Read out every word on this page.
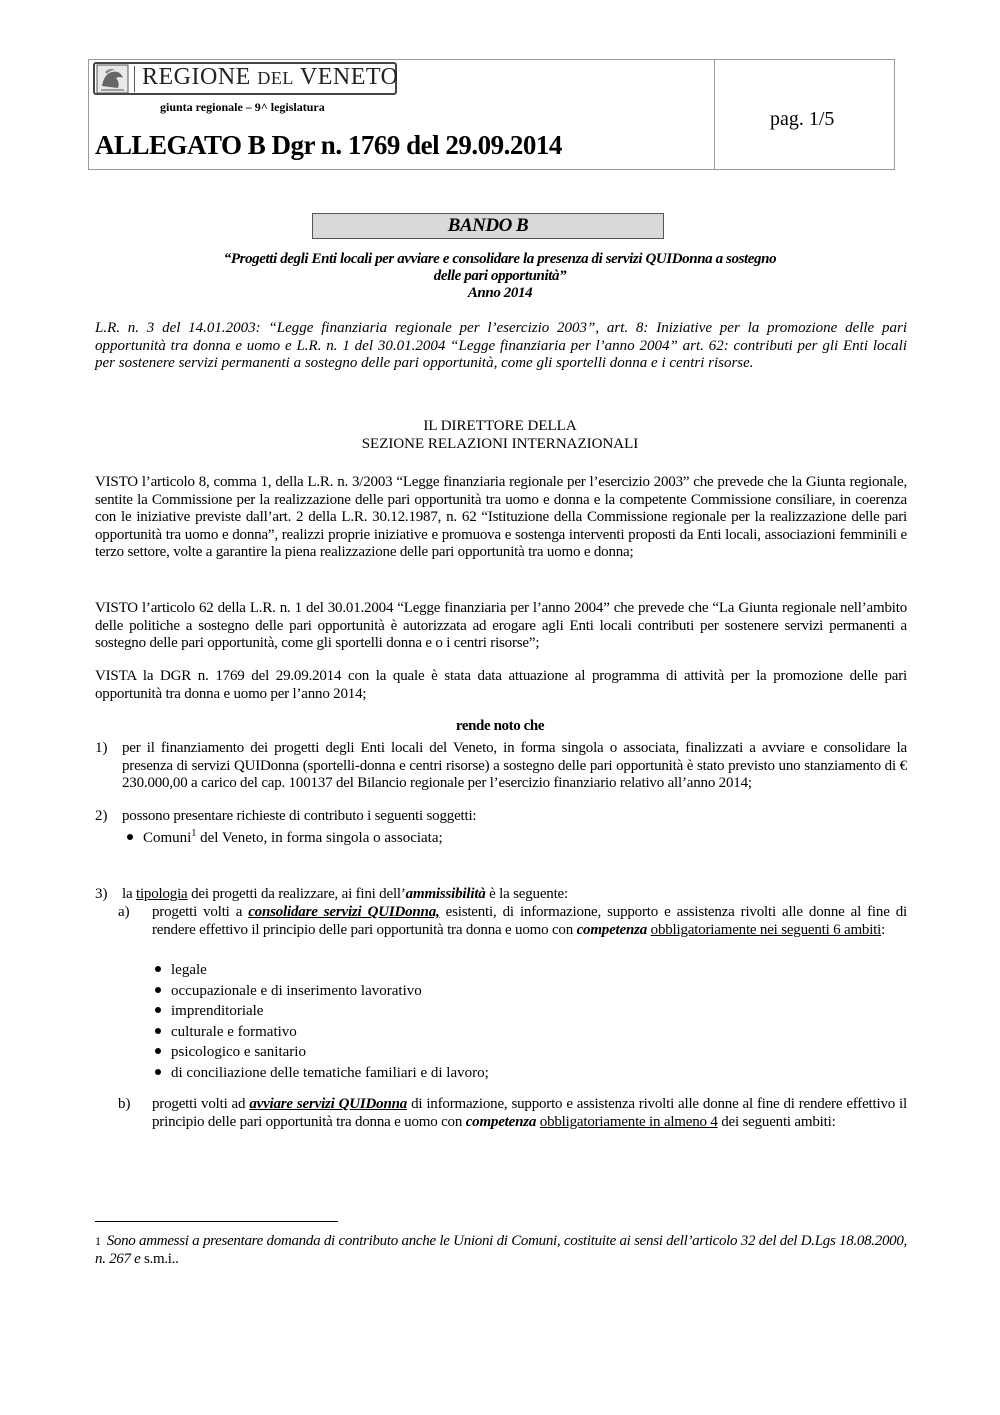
REGIONE DEL VENETO
giunta regionale – 9^ legislatura
ALLEGATO B Dgr n. 1769 del 29.09.2014
pag. 1/5
BANDO B
“Progetti degli Enti locali per avviare e consolidare la presenza di servizi QUIDonna a sostegno
delle pari opportunità”
Anno 2014

L.R. n. 3 del 14.01.2003: “Legge finanziaria regionale per l’esercizio 2003”, art. 8: Iniziative per la promozione delle pari opportunità tra donna e uomo e L.R. n. 1 del 30.01.2004 “Legge finanziaria per l’anno 2004” art. 62: contributi per gli Enti locali per sostenere servizi permanenti a sostegno delle pari opportunità, come gli sportelli donna e i centri risorse.

IL DIRETTORE DELLA
SEZIONE RELAZIONI INTERNAZIONALI

VISTO l’articolo 8, comma 1, della L.R. n. 3/2003 “Legge finanziaria regionale per l’esercizio 2003” che prevede che la Giunta regionale, sentite la Commissione per la realizzazione delle pari opportunità tra uomo e donna e la competente Commissione consiliare, in coerenza con le iniziative previste dall’art. 2 della L.R. 30.12.1987, n. 62 “Istituzione della Commissione regionale per la realizzazione delle pari opportunità tra uomo e donna”, realizzi proprie iniziative e promuova e sostenga interventi proposti da Enti locali, associazioni femminili e terzo settore, volte a garantire la piena realizzazione delle pari opportunità tra uomo e donna;

VISTO l’articolo 62 della L.R. n. 1 del 30.01.2004 “Legge finanziaria per l’anno 2004” che prevede che “La Giunta regionale nell’ambito delle politiche a sostegno delle pari opportunità è autorizzata ad erogare agli Enti locali contributi per sostenere servizi permanenti a sostegno delle pari opportunità, come gli sportelli donna e o i centri risorse”;

VISTA la DGR n. 1769 del 29.09.2014 con la quale è stata data attuazione al programma di attività per la promozione delle pari opportunità tra donna e uomo per l’anno 2014;

rende noto che
1) per il finanziamento dei progetti degli Enti locali del Veneto, in forma singola o associata, finalizzati a avviare e consolidare la presenza di servizi QUIDonna (sportelli-donna e centri risorse) a sostegno delle pari opportunità è stato previsto uno stanziamento di € 230.000,00 a carico del cap. 100137 del Bilancio regionale per l’esercizio finanziario relativo all’anno 2014;

2) possono presentare richieste di contributo i seguenti soggetti:

Comuni$^1$ del Veneto, in forma singola o associata;
3) la tipologia dei progetti da realizzare, ai fini dell’ammissibilità è la seguente:

a) progetti volti a consolidare servizi QUIDonna, esistenti, di informazione, supporto e assistenza rivolti alle donne al fine di rendere effettivo il principio delle pari opportunità tra donna e uomo con competenza obbligatoriamente nei seguenti 6 ambiti:

legale
occupazionale e di inserimento lavorativo
imprenditoriale
culturale e formativo
psicologico e sanitario
di conciliazione delle tematiche familiari e di lavoro;
b) progetti volti ad avviare servizi QUIDonna di informazione, supporto e assistenza rivolti alle donne al fine di rendere effettivo il principio delle pari opportunità tra donna e uomo con competenza obbligatoriamente in almeno 4 dei seguenti ambiti:

$^1$ Sono ammessi a presentare domanda di contributo anche le Unioni di Comuni, costituite ai sensi dell’articolo 32 del del D.Lgs 18.08.2000, n. 267 e s.m.i..
